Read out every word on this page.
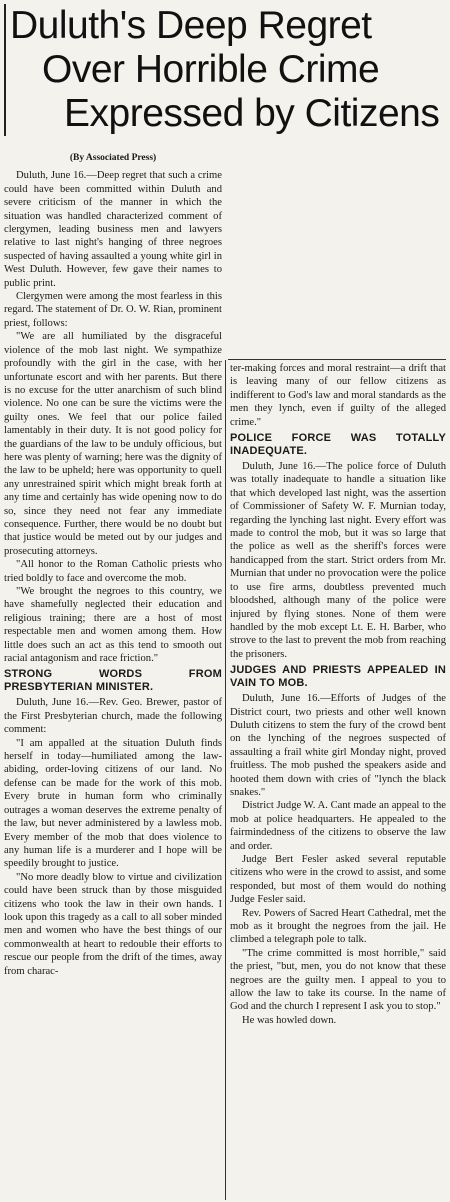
Duluth's Deep Regret
Over Horrible Crime
Expressed by Citizens
(By Associated Press)

Duluth, June 16.—Deep regret that such a crime could have been committed within Duluth and severe criticism of the manner in which the situation was handled characterized comment of clergymen, leading business men and lawyers relative to last night's hanging of three negroes suspected of having assaulted a young white girl in West Duluth. However, few gave their names to public print.

Clergymen were among the most fearless in this regard. The statement of Dr. O. W. Rian, prominent priest, follows:

"We are all humiliated by the disgraceful violence of the mob last night. We sympathize profoundly with the girl in the case, with her unfortunate escort and with her parents. But there is no excuse for the utter anarchism of such blind violence. No one can be sure the victims were the guilty ones. We feel that our police failed lamentably in their duty. It is not good policy for the guardians of the law to be unduly officious, but here was plenty of warning; here was the dignity of the law to be upheld; here was opportunity to quell any unrestrained spirit which might break forth at any time and certainly has wide opening now to do so, since they need not fear any immediate consequence. Further, there would be no doubt but that justice would be meted out by our judges and prosecuting attorneys.

"All honor to the Roman Catholic priests who tried boldly to face and overcome the mob.

"We brought the negroes to this country, we have shamefully neglected their education and religious training; there are a host of most respectable men and women among them. How little does such an act as this tend to smooth out racial antagonism and race friction."

STRONG WORDS FROM PRESBYTERIAN MINISTER.

Duluth, June 16.—Rev. Geo. Brewer, pastor of the First Presbyterian church, made the following comment:

"I am appalled at the situation Duluth finds herself in today—humiliated among the law-abiding, order-loving citizens of our land. No defense can be made for the work of this mob. Every brute in human form who criminally outrages a woman deserves the extreme penalty of the law, but never administered by a lawless mob. Every member of the mob that does violence to any human life is a murderer and I hope will be speedily brought to justice.

"No more deadly blow to virtue and civilization could have been struck than by those misguided citizens who took the law in their own hands. I look upon this tragedy as a call to all sober minded men and women who have the best things of our commonwealth at heart to redouble their efforts to rescue our people from the drift of the times, away from charac-

ter-making forces and moral restraint—a drift that is leaving many of our fellow citizens as indifferent to God's law and moral standards as the men they lynch, even if guilty of the alleged crime."

POLICE FORCE WAS TOTALLY INADEQUATE.

Duluth, June 16.—The police force of Duluth was totally inadequate to handle a situation like that which developed last night, was the assertion of Commissioner of Safety W. F. Murnian today, regarding the lynching last night. Every effort was made to control the mob, but it was so large that the police as well as the sheriff's forces were handicapped from the start. Strict orders from Mr. Murnian that under no provocation were the police to use fire arms, doubtless prevented much bloodshed, although many of the police were injured by flying stones. None of them were handled by the mob except Lt. E. H. Barber, who strove to the last to prevent the mob from reaching the prisoners.

JUDGES AND PRIESTS APPEALED IN VAIN TO MOB.

Duluth, June 16.—Efforts of Judges of the District court, two priests and other well known Duluth citizens to stem the fury of the crowd bent on the lynching of the negroes suspected of assaulting a frail white girl Monday night, proved fruitless. The mob pushed the speakers aside and hooted them down with cries of "lynch the black snakes."

District Judge W. A. Cant made an appeal to the mob at police headquarters. He appealed to the fairmindedness of the citizens to observe the law and order.

Judge Bert Fesler asked several reputable citizens who were in the crowd to assist, and some responded, but most of them would do nothing Judge Fesler said.

Rev. Powers of Sacred Heart Cathedral, met the mob as it brought the negroes from the jail. He climbed a telegraph pole to talk.

"The crime committed is most horrible," said the priest, "but, men, you do not know that these negroes are the guilty men. I appeal to you to allow the law to take its course. In the name of God and the church I represent I ask you to stop."

He was howled down.
